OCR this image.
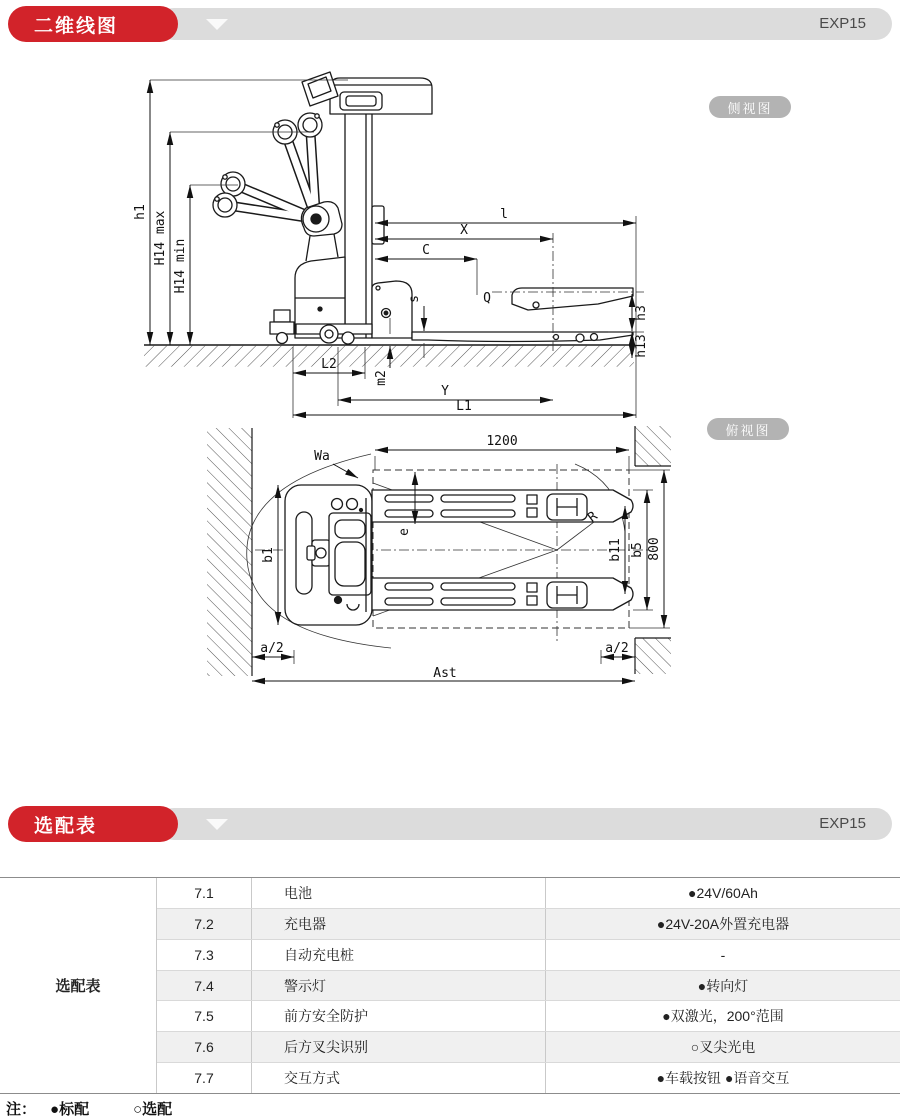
二维线图	EXP15
侧视图
h1 H14 max
H14 min
l
X
C
Q
s
m2
h3
h13
L2
Y
L1
俯视图
Wa
1200
e
b1	b11 b5 800
R
a/2	a/2
Ast
选配表	EXP15
选配表
7.1	电池	●24V/60Ah
7.2	充电器	●24V-20A外置充电器
7.3	自动充电桩	-
7.4	警示灯	●转向灯
7.5	前方安全防护	●双激光，200°范围
7.6	后方叉尖识别	○叉尖光电
7.7	交互方式	●车载按钮 ●语音交互
注： ●标配	○选配
